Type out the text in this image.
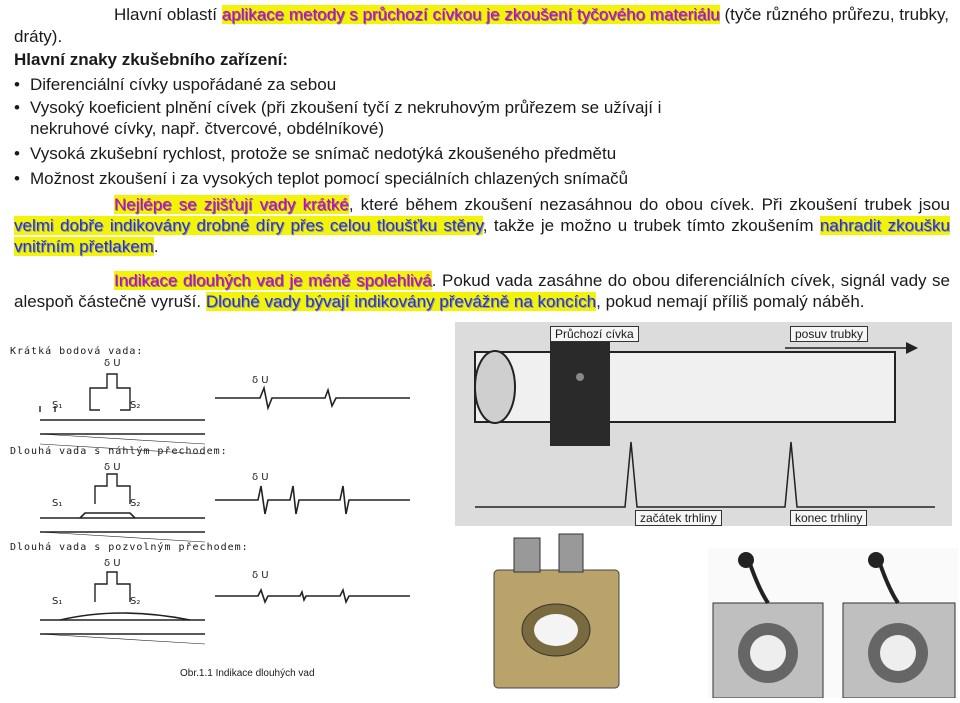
Hlavní oblastí aplikace metody s průchozí cívkou je zkoušení tyčového materiálu (tyče různého průřezu, trubky, dráty).
Hlavní znaky zkušebního zařízení:
• Diferenciální cívky uspořádané za sebou
• Vysoký koeficient plnění cívek (při zkoušení tyčí z nekruhovým průřezem se užívají i nekruhové cívky, např. čtvercové, obdélníkové)
• Vysoká zkušební rychlost, protože se snímač nedotýká zkoušeného předmětu
• Možnost zkoušení i za vysokých teplot pomocí speciálních chlazených snímačů
Nejlépe se zjišťují vady krátké, které během zkoušení nezasáhnou do obou cívek. Při zkoušení trubek jsou velmi dobře indikovány drobné díry přes celou tloušťku stěny, takže je možno u trubek tímto zkoušením nahradit zkoušku vnitřním přetlakem.
Indikace dlouhých vad je méně spolehlivá. Pokud vada zasáhne do obou diferenciálních cívek, signál vady se alespoň částečně vyruší. Dlouhé vady bývají indikovány převážně na koncích, pokud nemají příliš pomalý náběh.
Krátká bodová vada:
Dlouhá vada s náhlým přechodem:
Dlouhá vada s pozvolným přechodem:
δ U
δ U
S₁	S₂
δ U
δ U
S₁	S₂
δ U
δ U
S₁	S₂
Obr.1.1 Indikace dlouhých vad
Průchozí cívka	posuv trubky
začátek trhliny	konec trhliny
